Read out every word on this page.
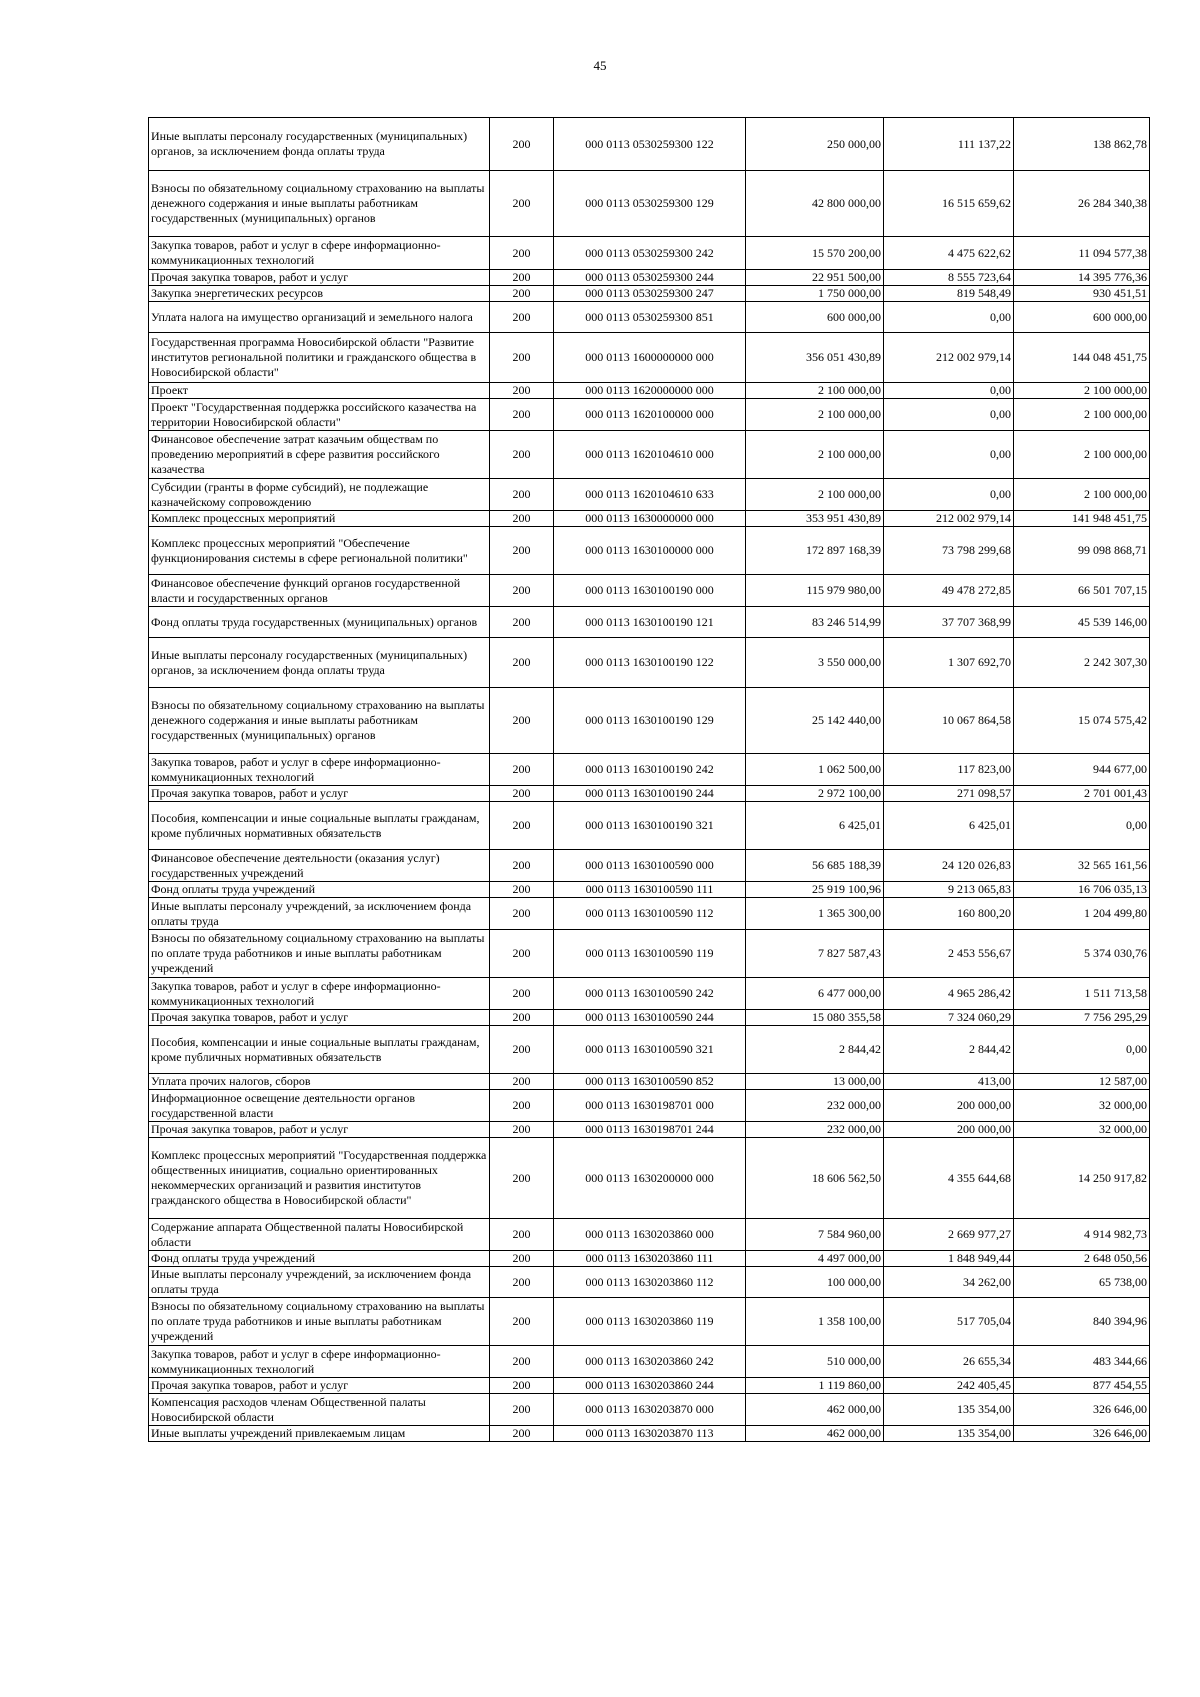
45
Иные выплаты персоналу государственных (муниципальных) органов, за исключением фонда оплаты труда	200	000 0113 0530259300 122	250 000,00	111 137,22	138 862,78
Взносы по обязательному социальному страхованию на выплаты денежного содержания и иные выплаты работникам государственных (муниципальных) органов	200	000 0113 0530259300 129	42 800 000,00	16 515 659,62	26 284 340,38
Закупка товаров, работ и услуг в сфере информационно-коммуникационных технологий	200	000 0113 0530259300 242	15 570 200,00	4 475 622,62	11 094 577,38
Прочая закупка товаров, работ и услуг	200	000 0113 0530259300 244	22 951 500,00	8 555 723,64	14 395 776,36
Закупка энергетических ресурсов	200	000 0113 0530259300 247	1 750 000,00	819 548,49	930 451,51
Уплата налога на имущество организаций и земельного налога	200	000 0113 0530259300 851	600 000,00	0,00	600 000,00
Государственная программа Новосибирской области "Развитие институтов региональной политики и гражданского общества в Новосибирской области"	200	000 0113 1600000000 000	356 051 430,89	212 002 979,14	144 048 451,75
Проект	200	000 0113 1620000000 000	2 100 000,00	0,00	2 100 000,00
Проект "Государственная поддержка российского казачества на территории Новосибирской области"	200	000 0113 1620100000 000	2 100 000,00	0,00	2 100 000,00
Финансовое обеспечение затрат казачьим обществам по проведению мероприятий в сфере развития российского казачества	200	000 0113 1620104610 000	2 100 000,00	0,00	2 100 000,00
Субсидии (гранты в форме субсидий), не подлежащие казначейскому сопровождению	200	000 0113 1620104610 633	2 100 000,00	0,00	2 100 000,00
Комплекс процессных мероприятий	200	000 0113 1630000000 000	353 951 430,89	212 002 979,14	141 948 451,75
Комплекс процессных мероприятий "Обеспечение функционирования системы в сфере региональной политики"	200	000 0113 1630100000 000	172 897 168,39	73 798 299,68	99 098 868,71
Финансовое обеспечение функций органов государственной власти и государственных органов	200	000 0113 1630100190 000	115 979 980,00	49 478 272,85	66 501 707,15
Фонд оплаты труда государственных (муниципальных) органов	200	000 0113 1630100190 121	83 246 514,99	37 707 368,99	45 539 146,00
Иные выплаты персоналу государственных (муниципальных) органов, за исключением фонда оплаты труда	200	000 0113 1630100190 122	3 550 000,00	1 307 692,70	2 242 307,30
Взносы по обязательному социальному страхованию на выплаты денежного содержания и иные выплаты работникам государственных (муниципальных) органов	200	000 0113 1630100190 129	25 142 440,00	10 067 864,58	15 074 575,42
Закупка товаров, работ и услуг в сфере информационно-коммуникационных технологий	200	000 0113 1630100190 242	1 062 500,00	117 823,00	944 677,00
Прочая закупка товаров, работ и услуг	200	000 0113 1630100190 244	2 972 100,00	271 098,57	2 701 001,43
Пособия, компенсации и иные социальные выплаты гражданам, кроме публичных нормативных обязательств	200	000 0113 1630100190 321	6 425,01	6 425,01	0,00
Финансовое обеспечение деятельности (оказания услуг) государственных учреждений	200	000 0113 1630100590 000	56 685 188,39	24 120 026,83	32 565 161,56
Фонд оплаты труда учреждений	200	000 0113 1630100590 111	25 919 100,96	9 213 065,83	16 706 035,13
Иные выплаты персоналу учреждений, за исключением фонда оплаты труда	200	000 0113 1630100590 112	1 365 300,00	160 800,20	1 204 499,80
Взносы по обязательному социальному страхованию на выплаты по оплате труда работников и иные выплаты работникам учреждений	200	000 0113 1630100590 119	7 827 587,43	2 453 556,67	5 374 030,76
Закупка товаров, работ и услуг в сфере информационно-коммуникационных технологий	200	000 0113 1630100590 242	6 477 000,00	4 965 286,42	1 511 713,58
Прочая закупка товаров, работ и услуг	200	000 0113 1630100590 244	15 080 355,58	7 324 060,29	7 756 295,29
Пособия, компенсации и иные социальные выплаты гражданам, кроме публичных нормативных обязательств	200	000 0113 1630100590 321	2 844,42	2 844,42	0,00
Уплата прочих налогов, сборов	200	000 0113 1630100590 852	13 000,00	413,00	12 587,00
Информационное освещение деятельности органов государственной власти	200	000 0113 1630198701 000	232 000,00	200 000,00	32 000,00
Прочая закупка товаров, работ и услуг	200	000 0113 1630198701 244	232 000,00	200 000,00	32 000,00
Комплекс процессных мероприятий "Государственная поддержка общественных инициатив, социально ориентированных некоммерческих организаций и развития институтов гражданского общества в Новосибирской области"	200	000 0113 1630200000 000	18 606 562,50	4 355 644,68	14 250 917,82
Содержание аппарата Общественной палаты Новосибирской области	200	000 0113 1630203860 000	7 584 960,00	2 669 977,27	4 914 982,73
Фонд оплаты труда учреждений	200	000 0113 1630203860 111	4 497 000,00	1 848 949,44	2 648 050,56
Иные выплаты персоналу учреждений, за исключением фонда оплаты труда	200	000 0113 1630203860 112	100 000,00	34 262,00	65 738,00
Взносы по обязательному социальному страхованию на выплаты по оплате труда работников и иные выплаты работникам учреждений	200	000 0113 1630203860 119	1 358 100,00	517 705,04	840 394,96
Закупка товаров, работ и услуг в сфере информационно-коммуникационных технологий	200	000 0113 1630203860 242	510 000,00	26 655,34	483 344,66
Прочая закупка товаров, работ и услуг	200	000 0113 1630203860 244	1 119 860,00	242 405,45	877 454,55
Компенсация расходов членам Общественной палаты Новосибирской области	200	000 0113 1630203870 000	462 000,00	135 354,00	326 646,00
Иные выплаты учреждений привлекаемым лицам	200	000 0113 1630203870 113	462 000,00	135 354,00	326 646,00
